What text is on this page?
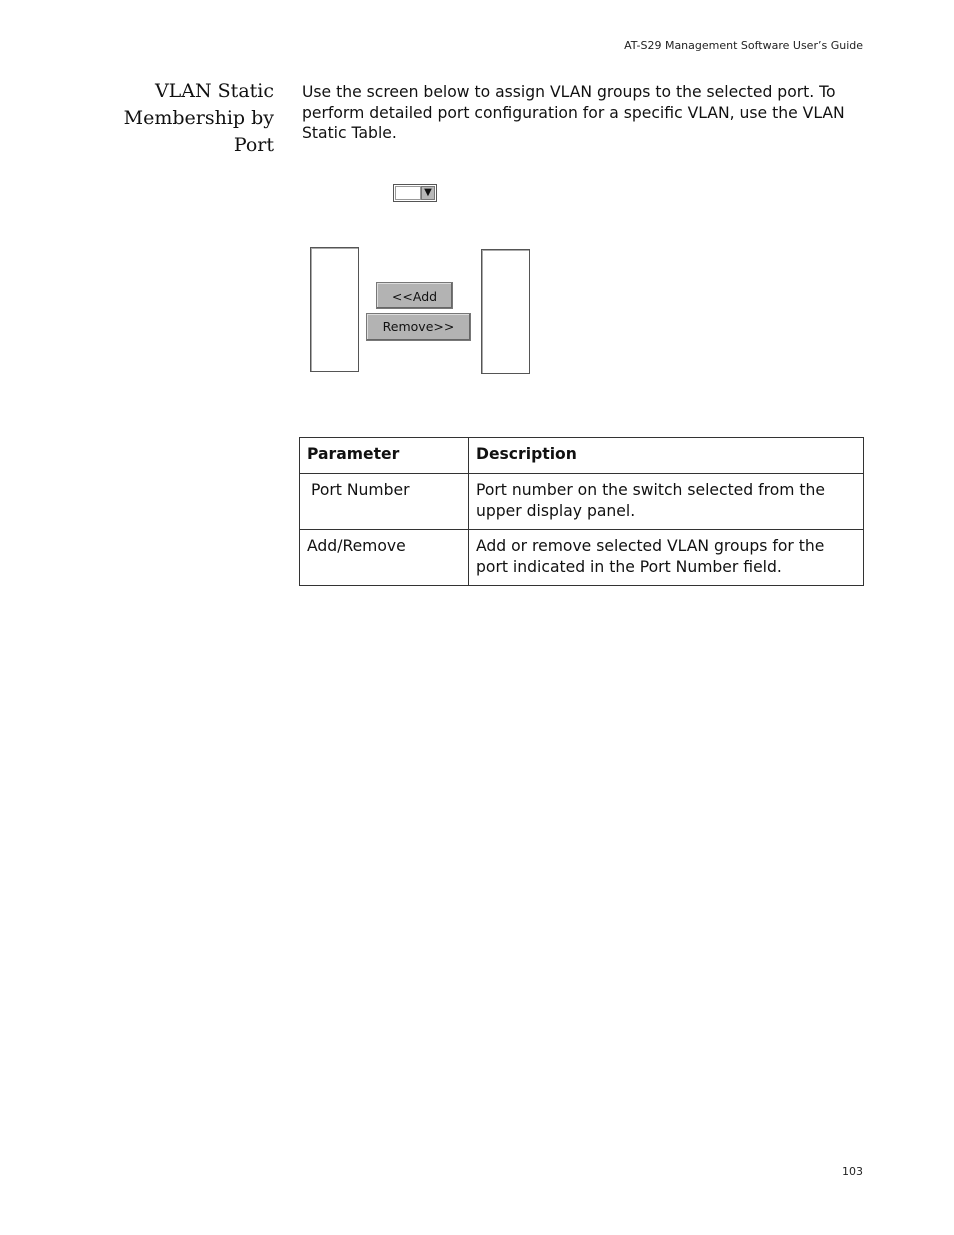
AT-S29 Management Software User’s Guide
VLAN Static
Membership by
Port
Use the screen below to assign VLAN groups to the selected port. To perform detailed port configuration for a specific VLAN, use the VLAN Static Table.
▼
<<Add
Remove>>
Parameter	Description
Port Number	Port number on the switch selected from the upper display panel.
Add/Remove	Add or remove selected VLAN groups for the port indicated in the Port Number field.
103
